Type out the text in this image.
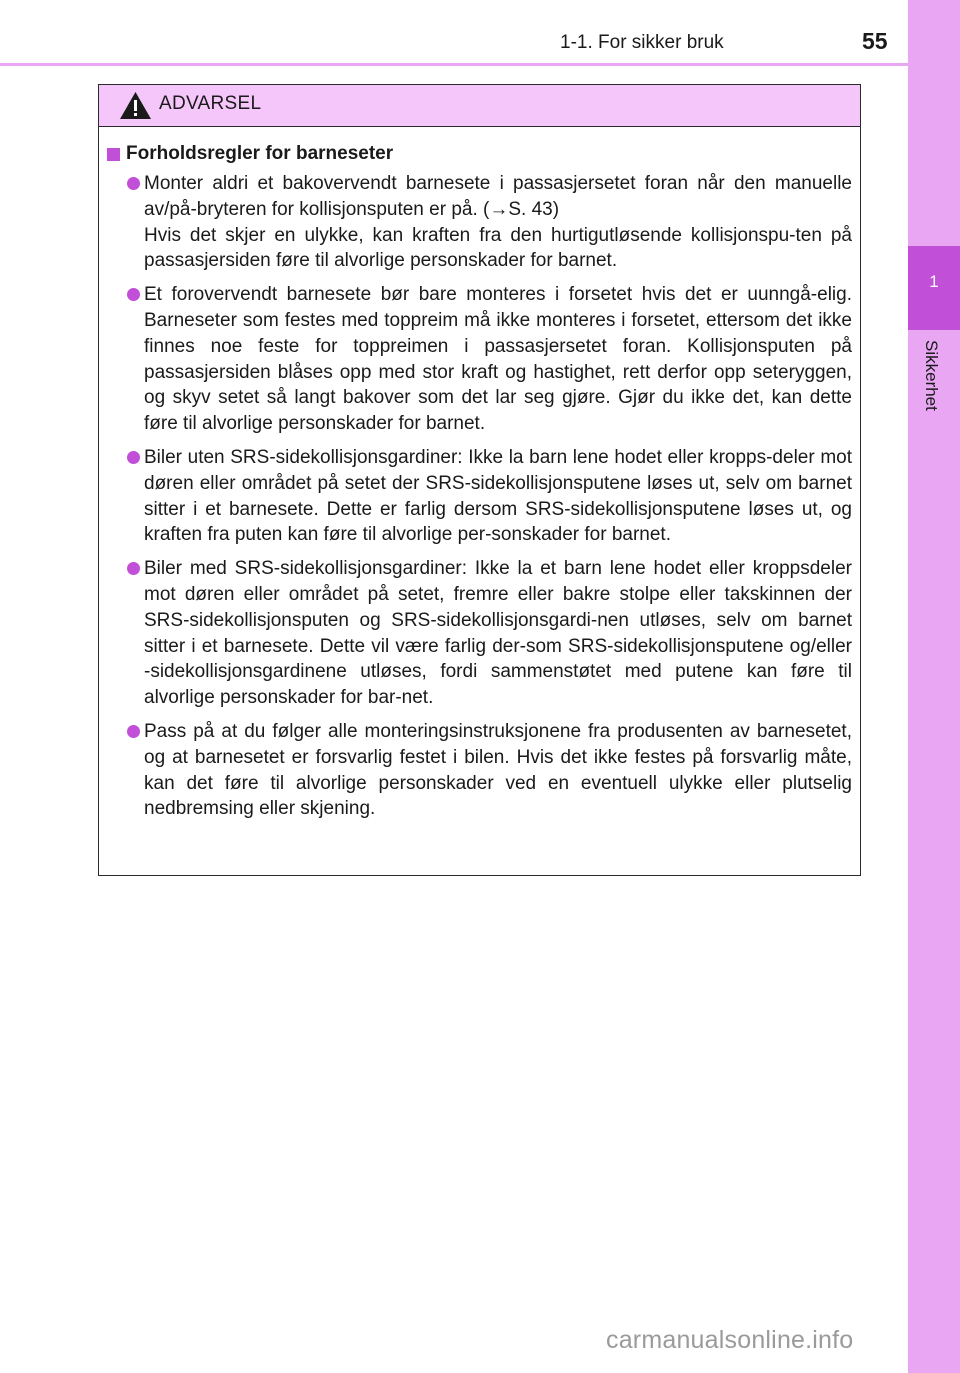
1-1. For sikker bruk	55
1
Sikkerhet
ADVARSEL
Forholdsregler for barneseter
Monter aldri et bakovervendt barnesete i passasjersetet foran når den manuelle av/på-bryteren for kollisjonsputen er på. (→S. 43)
Hvis det skjer en ulykke, kan kraften fra den hurtigutløsende kollisjonspu-ten på passasjersiden føre til alvorlige personskader for barnet.
Et forovervendt barnesete bør bare monteres i forsetet hvis det er uunngå-elig. Barneseter som festes med toppreim må ikke monteres i forsetet, ettersom det ikke finnes noe feste for toppreimen i passasjersetet foran. Kollisjonsputen på passasjersiden blåses opp med stor kraft og hastighet, rett derfor opp seteryggen, og skyv setet så langt bakover som det lar seg gjøre. Gjør du ikke det, kan dette føre til alvorlige personskader for barnet.
Biler uten SRS-sidekollisjonsgardiner: Ikke la barn lene hodet eller kropps-deler mot døren eller området på setet der SRS-sidekollisjonsputene løses ut, selv om barnet sitter i et barnesete. Dette er farlig dersom SRS-sidekollisjonsputene løses ut, og kraften fra puten kan føre til alvorlige per-sonskader for barnet.
Biler med SRS-sidekollisjonsgardiner: Ikke la et barn lene hodet eller kroppsdeler mot døren eller området på setet, fremre eller bakre stolpe eller takskinnen der SRS-sidekollisjonsputen og SRS-sidekollisjonsgardi-nen utløses, selv om barnet sitter i et barnesete. Dette vil være farlig der-som SRS-sidekollisjonsputene og/eller -sidekollisjonsgardinene utløses, fordi sammenstøtet med putene kan føre til alvorlige personskader for bar-net.
Pass på at du følger alle monteringsinstruksjonene fra produsenten av barnesetet, og at barnesetet er forsvarlig festet i bilen. Hvis det ikke festes på forsvarlig måte, kan det føre til alvorlige personskader ved en eventuell ulykke eller plutselig nedbremsing eller skjening.
carmanualsonline.info
